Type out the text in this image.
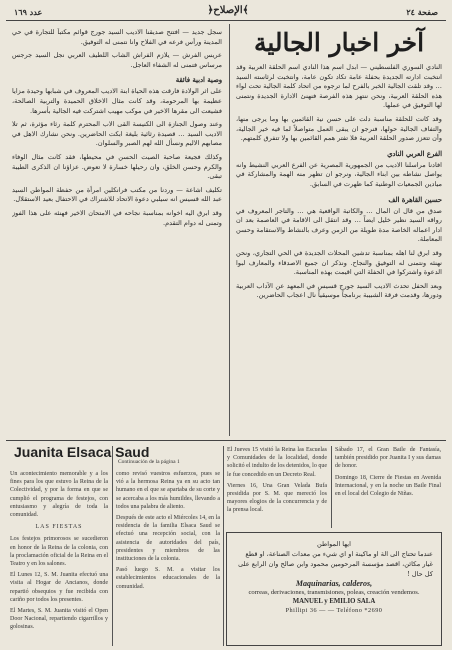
صفحة ٢٤
﴿الإصلاح﴾
عدد ١٦٩
آخر اخبار الجالية

النادي السوري الفلسطيني — ابدل اسم هذا النادي اسم الحلقة العربية وقد انتخبت ادارته الجديدة بحفلة عامة تكاد تكون عامة، وانتخبت لرئاسته السيد … وقد تلقت الجالية الخبر بالفرح لما ترجوه من اتحاد كلمة الجالية تحت لواء هذه الحلقة العربية، ونحن ننتهز هذه الفرصة فنهنئ الادارة الجديدة ونتمنى لها التوفيق في عملها.

وقد كانت للحلقة مناسبة دلت على حسن نية القائمين بها وما يرجى منها، والتفاف الجالية حولها، فنرجو ان يبقى العمل متواصلاً لما فيه خير الجالية، وأن تتعزز صدور الحلقة العربية فلا تفتر همم القائمين بها ولا تتفرق كلمتهم.

الفرع العربي النادي

افادنا مراسلنا الاديب من الجمهورية المصرية عن الفرع العربي النشيط وانه يواصل نشاطه بين ابناء الجالية، ونرجو ان تظهر منه الهمة والمشاركة في ميادين الجمعيات الوطنية كما ظهرت في السابق.

حسين القاهرة الف

صدق من قال ان المال … والكاتبة الواقعية هي … والتاجر المعروف في رواقه السيد نظير خليل ايضاً … وقد انتقل الى الاقامة في العاصمة بعد ان ادار اعماله الخاصة مدة طويلة من الزمن وعرف بالنشاط والاستقامة وحسن المعاملة.

وقد ابرق لنا اهله بمناسبة تدشين المحلات الجديدة في الحي التجاري، ونحن نهنئه ونتمنى له التوفيق والنجاح. ونذكر ان جميع الاصدقاء والمعارف لبوا الدعوة واشتركوا في الحفلة التي اقيمت بهذه المناسبة.

وبعد الحفل تحدث الاديب السيد جورج قسيس في المعهد عن الآداب العربية ودورها، وقدمت فرقة الشبيبة برنامجاً موسيقياً نال اعجاب الحاضرين.

سجل جديد — افتتح صديقنا الاديب السيد جورج قوائم مكتباً للتجارة في حي المدينة ورأس فرعه في الفلاح وانا نتمنى له التوفيق.

عريس الفرش — يلازم الفراش الشاب اللطيف العربي نجل السيد جرجس مرساس فتمنى له الشفاء العاجل.

وصية ادبية فائقة

على اثر الولادة فارقت هذه الحياة ابنة الاديب المعروف في شبابها وحيدة مزايا عظيمة بها المرحومة، وقد كانت مثال الاخلاق الحميدة والتربية الصالحة، فشيعت الى مقرها الاخير في موكب مهيب اشتركت فيه الجالية بأسرها.

وعند وصول الجنازة الى الكنيسة القى الاب المحترم كلمة رثاء مؤثرة، ثم تلا الاديب السيد … قصيدة رثائية بليغة ابكت الحاضرين. ونحن نشارك الاهل في مصابهم الاليم ونسأل الله لهم الصبر والسلوان.

وكذلك فجيعة صاحبة الصيت الحسن في محيطها، فقد كانت مثال الوفاء والكرم وحسن الخلق، وان رحيلها خسارة لا تعوض. عزاؤنا ان الذكرى الطيبة تبقى.

تكليف اشاعة — وردنا من مكتب فرانكلين امرأة من حفظة المواطن السيد عبد الله قسيس انه سيلبي دعوة الاتحاد للاشتراك في الاحتفال بعيد الاستقلال.

وقد ابرق اليه اخوانه بمناسبة نجاحه في الامتحان الاخير فهنئه على هذا الفوز وتمنى له دوام التقدم.

Juanita Elsaca Saud
Continuación de la página 1

Un acontecimiento memorable y a los fines para los que estuvo la Reina de la Colectividad, y por la forma en que se cumplió el programa de festejos, con entusiasmo y alegría de toda la comunidad.

LAS FIESTAS

Los festejos primorosos se sucedieron en honor de la Reina de la colonia, con la proclamación oficial de la Reina en el Teatro y en los salones.

El Lunes 12, S. M. Juanita efectuó una visita al Hogar de Ancianos, donde repartió obsequios y fue recibida con cariño por todos los presentes.

El Martes, S. M. Juanita visitó el Open Door Nacional, repartiendo cigarrillos y golosinas.

como revisó vuestros esfuerzos, pues se vió a la hermosa Reina ya en su acto tan humano en el que se apartaba de su corte y se acercaba a los más humildes, llevando a todos una palabra de aliento.

Después de este acto el Miércoles 14, en la residencia de la familia Elsaca Saud se efectuó una recepción social, con la asistencia de autoridades del país, presidentes y miembros de las instituciones de la colonia.

Pasó luego S. M. a visitar los establecimientos educacionales de la comunidad.

El Jueves 15 visitó la Reina las Escuelas y Comunidades de la localidad, donde solicitó el indulto de los detenidos, lo que le fue concedido en un Decreto Real.

Viernes 16, Una Gran Velada Bufa presidida por S. M. que mereció los mayores elogios de la concurrencia y de la prensa local.

Sábado 17, el Gran Baile de Fantasía, también presidido por Juanita I y sus damas de honor.

Domingo 18, Cierre de Fiestas en Avenida Internacional, y en la noche un Baile Final en el local del Colegio de Niñas.

ايها المواطن
عندما تحتاج الى الة او ماكينة او اي شيء من معدات الصناعة، او قطع غيار مكائن، اقصد مؤسسة المرحومين محمود وابن صالح وان الرابع على كل حال !
Maquinarias, calderos,
correas, derivaciones, transmisiones, poleas, creación vendemos.
MANUEL y EMILIO SALA
Phillipi 36 — — Teléfono *2690
